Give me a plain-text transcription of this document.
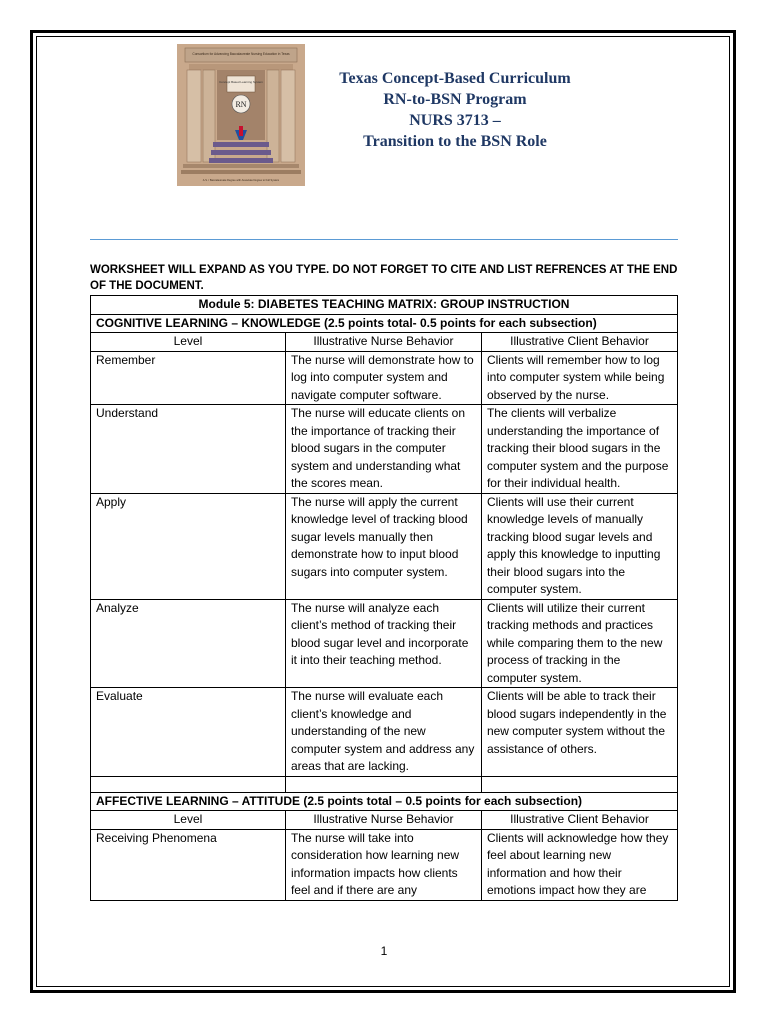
Consortium for Advancing Baccalaureate Nursing Education in Texas
Concept Based Learning System
RN
A.S. / Baccalaureate Degree with Associate Degree to Full System
Texas Concept-Based Curriculum
RN-to-BSN Program
NURS 3713 –
Transition to the BSN Role
WORKSHEET WILL EXPAND AS YOU TYPE. DO NOT FORGET TO CITE AND LIST REFRENCES AT THE END OF THE DOCUMENT.
Module 5: DIABETES TEACHING MATRIX: GROUP INSTRUCTION		
COGNITIVE LEARNING – KNOWLEDGE (2.5 points total- 0.5 points for each subsection)		
Level	Illustrative Nurse Behavior	Illustrative Client Behavior
Remember	The nurse will demonstrate how to log into computer system and navigate computer software.	Clients will remember how to log into computer system while being observed by the nurse.
Understand	The nurse will educate clients on the importance of tracking their blood sugars in the computer system and understanding what the scores mean.	The clients will verbalize understanding the importance of tracking their blood sugars in the computer system and the purpose for their individual health.
Apply	The nurse will apply the current knowledge level of tracking blood sugar levels manually then demonstrate how to input blood sugars into computer system.	Clients will use their current knowledge levels of manually tracking blood sugar levels and apply this knowledge to inputting their blood sugars into the computer system.
Analyze	The nurse will analyze each client’s method of tracking their blood sugar level and incorporate it into their teaching method.	Clients will utilize their current tracking methods and practices while comparing them to the new process of tracking in the computer system.
Evaluate	The nurse will evaluate each client’s knowledge and understanding of the new computer system and address any areas that are lacking.	Clients will be able to track their blood sugars independently in the new computer system without the assistance of others.

AFFECTIVE LEARNING – ATTITUDE (2.5 points total – 0.5 points for each subsection)		
Level	Illustrative Nurse Behavior	Illustrative Client Behavior
Receiving Phenomena	The nurse will take into consideration how learning new information impacts how clients feel and if there are any	Clients will acknowledge how they feel about learning new information and how their emotions impact how they are
1
